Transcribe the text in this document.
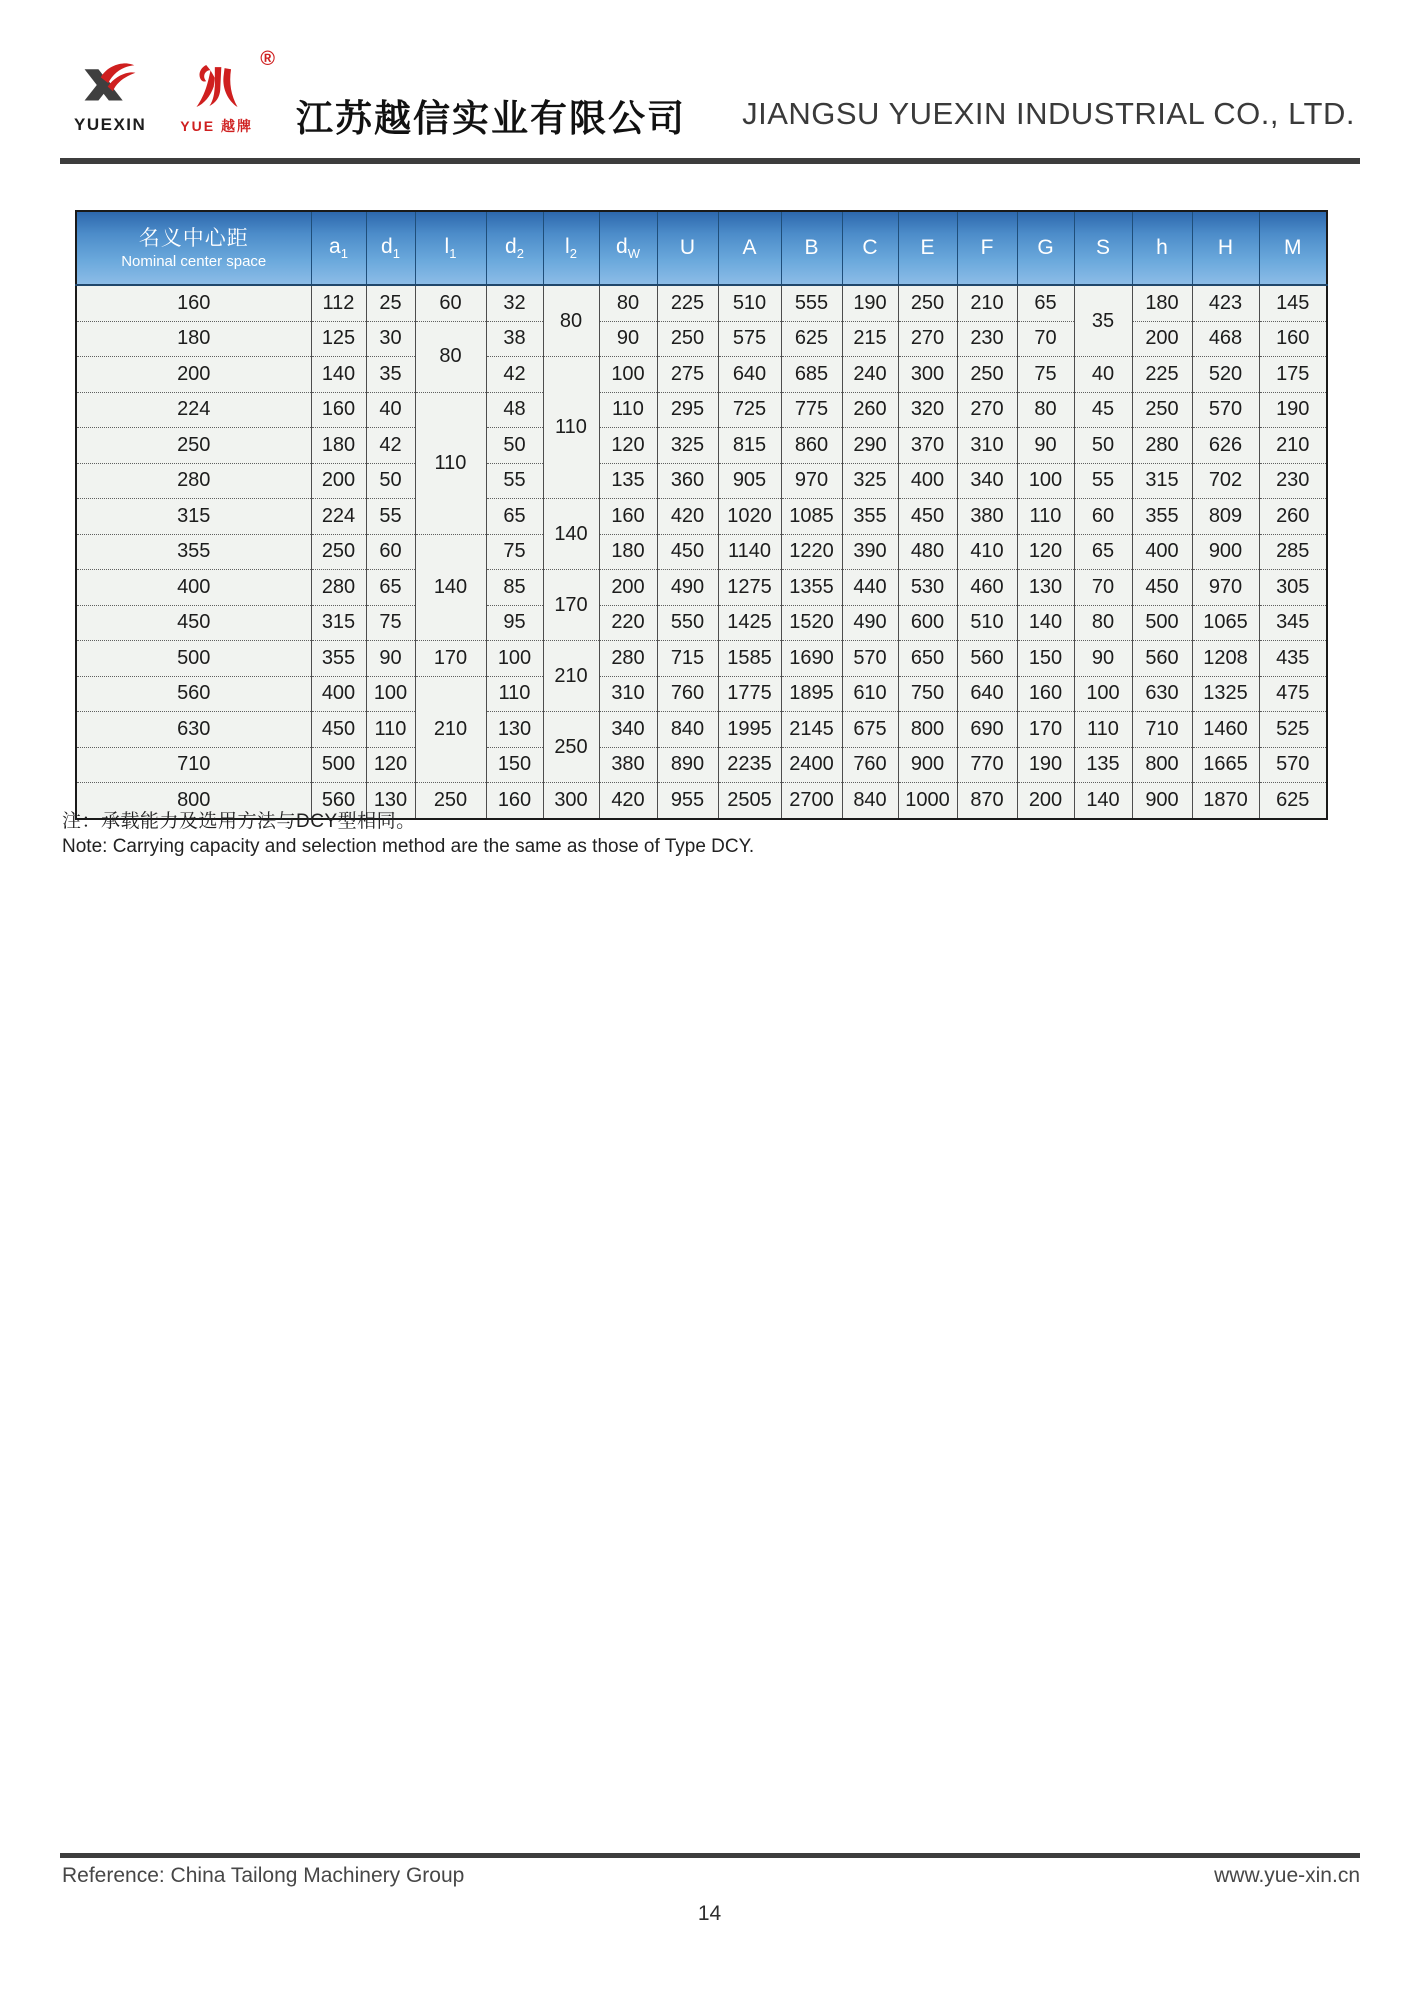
YUEXIN
®
YUE 越牌 江苏越信实业有限公司 JIANGSU YUEXIN INDUSTRIAL CO., LTD.
名义中心距
Nominal center space	$a_1$	$d_1$	$l_1$	$d_2$	$l_2$	$d_W$	U	A	B	C	E	F	G	S	h	H	M
160	112	25	60	32	80	80	225	510	555	190	250	210	65	35	180	423	145
180	125	30	80	38		90	250	575	625	215	270	230	70		200	468	160
200	140	35		42	110	100	275	640	685	240	300	250	75	40	225	520	175
224	160	40	110	48		110	295	725	775	260	320	270	80	45	250	570	190
250	180	42		50		120	325	815	860	290	370	310	90	50	280	626	210
280	200	50		55		135	360	905	970	325	400	340	100	55	315	702	230
315	224	55		65	140	160	420	1020	1085	355	450	380	110	60	355	809	260
355	250	60	140	75		180	450	1140	1220	390	480	410	120	65	400	900	285
400	280	65		85	170	200	490	1275	1355	440	530	460	130	70	450	970	305
450	315	75		95		220	550	1425	1520	490	600	510	140	80	500	1065	345
500	355	90	170	100	210	280	715	1585	1690	570	650	560	150	90	560	1208	435
560	400	100	210	110		310	760	1775	1895	610	750	640	160	100	630	1325	475
630	450	110		130	250	340	840	1995	2145	675	800	690	170	110	710	1460	525
710	500	120		150		380	890	2235	2400	760	900	770	190	135	800	1665	570
800	560	130	250	160	300	420	955	2505	2700	840	1000	870	200	140	900	1870	625

注：承载能力及选用方法与DCY型相同。

Note: Carrying capacity and selection method are the same as those of Type DCY.

Reference: China Tailong Machinery Group	www.yue-xin.cn
14
